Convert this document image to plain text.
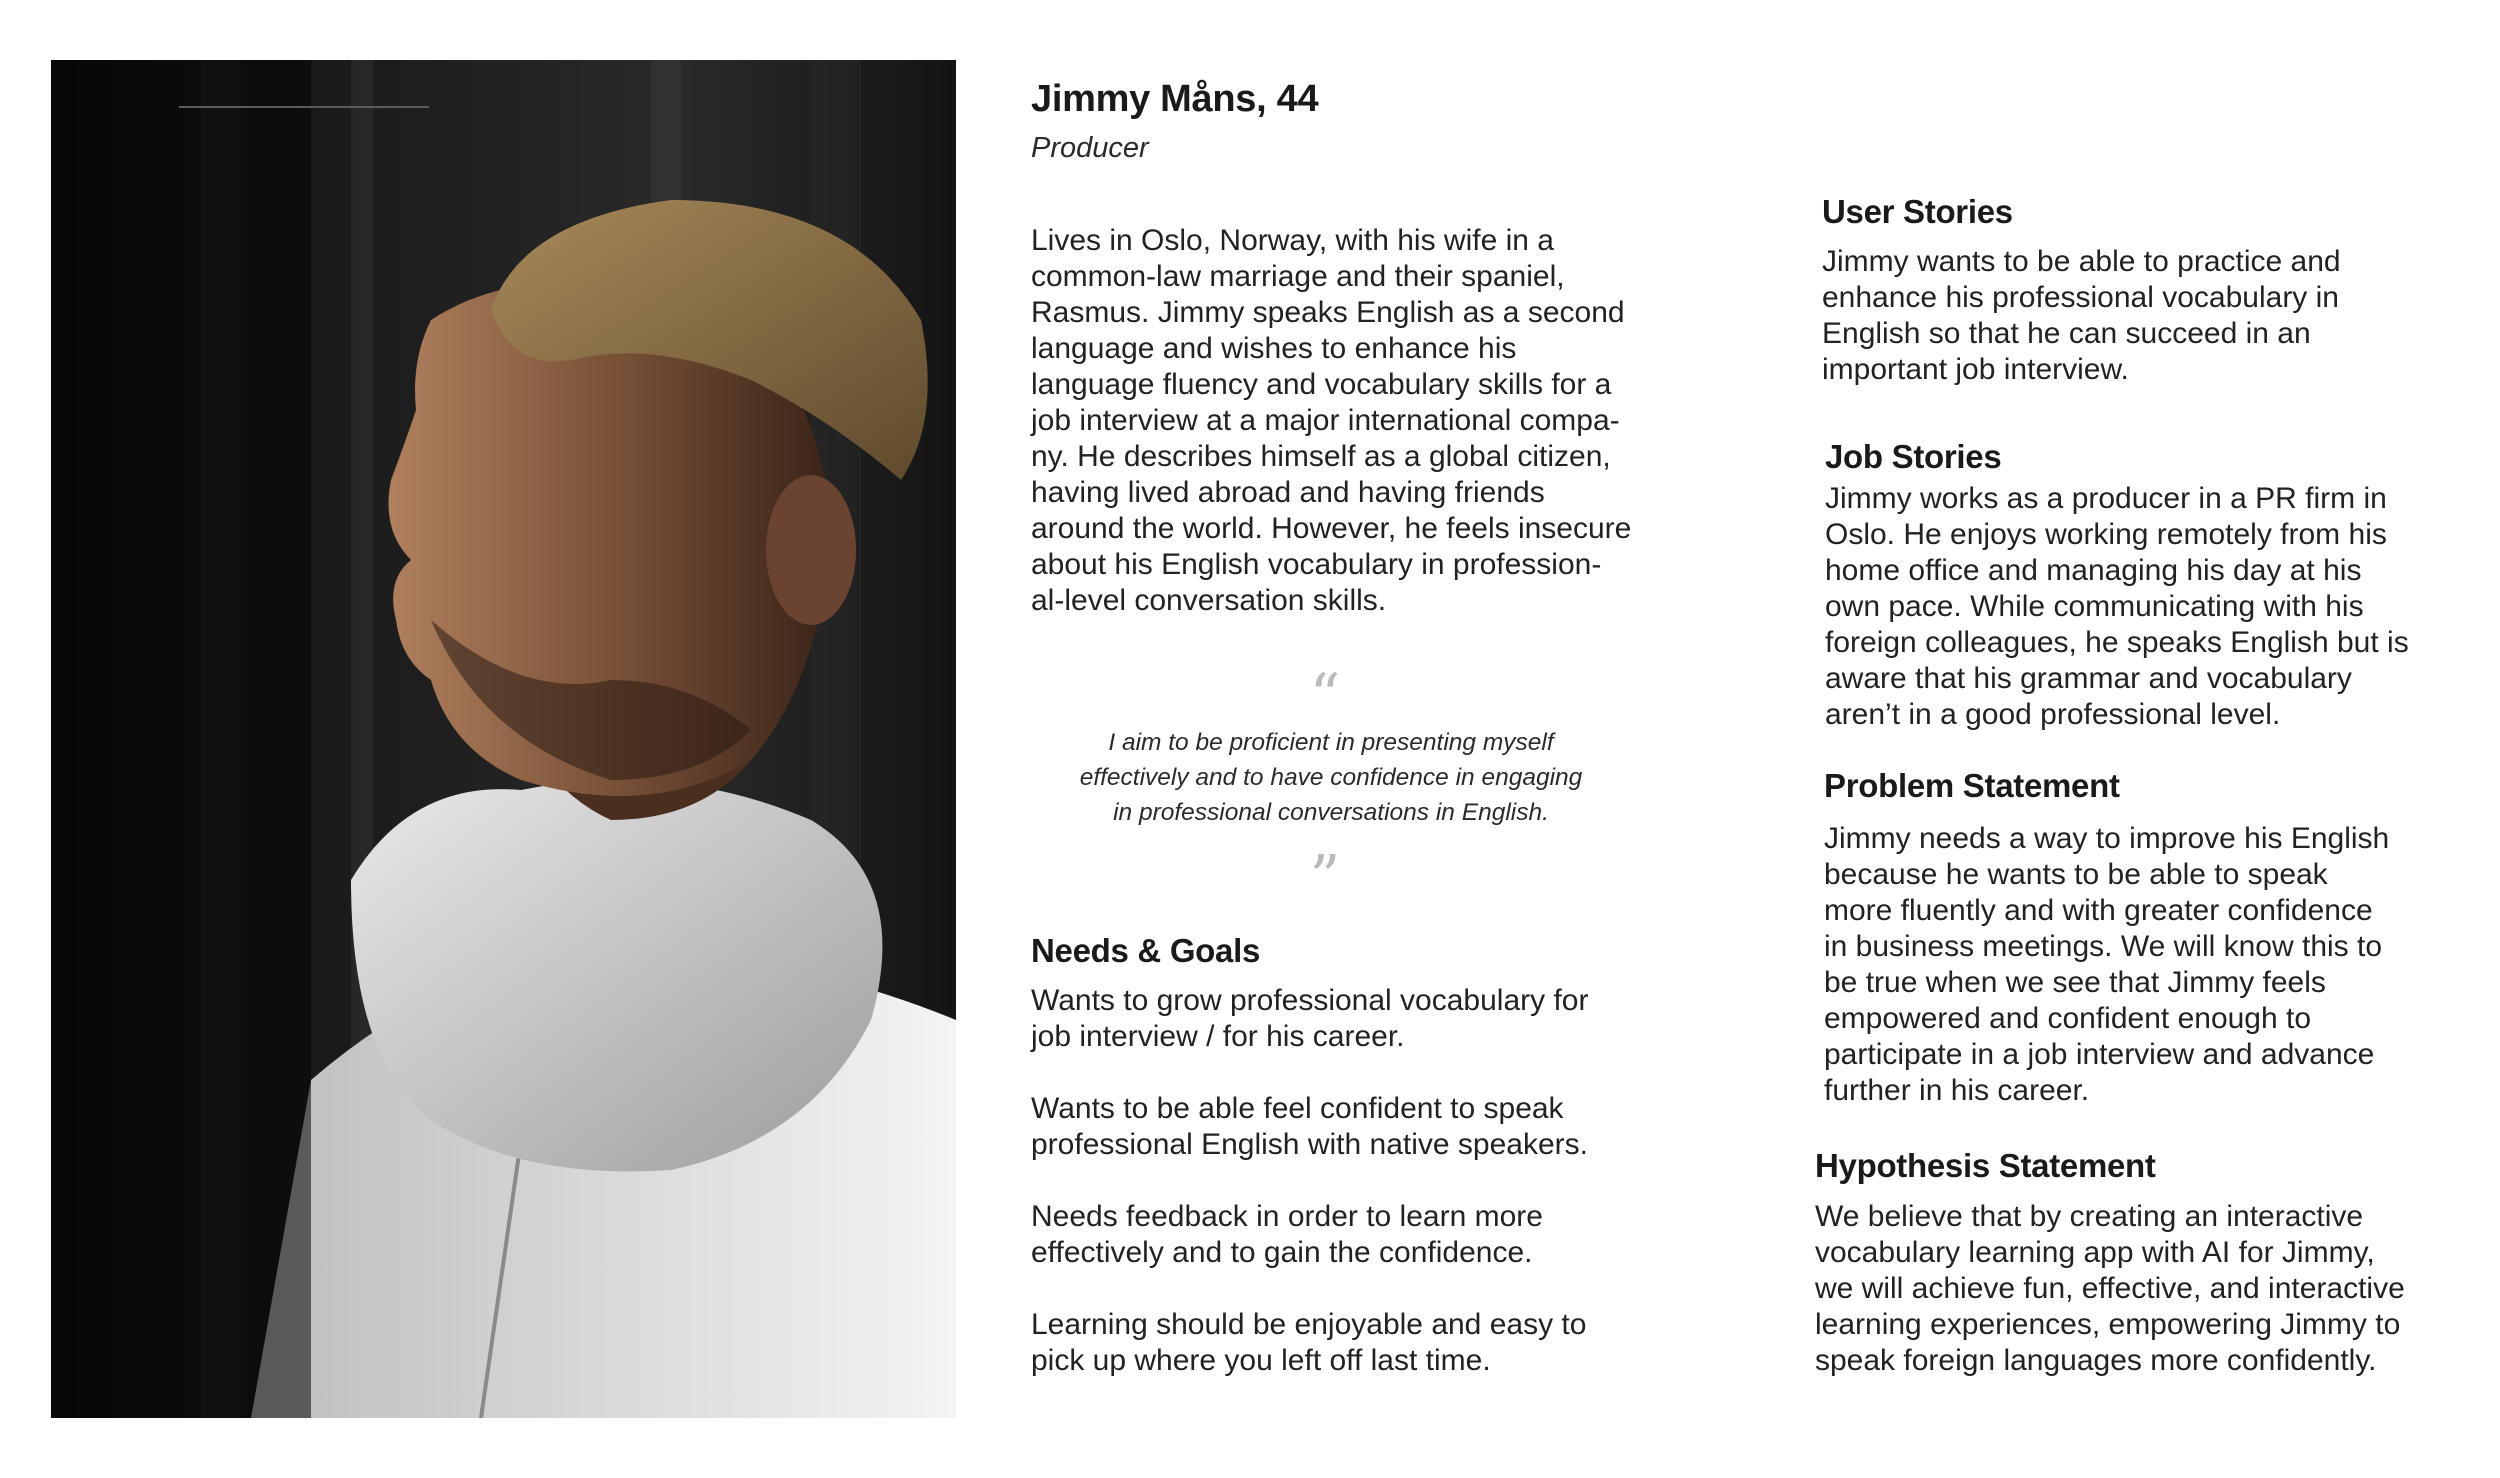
Jimmy Måns, 44
Producer
Lives in Oslo, Norway, with his wife in a
common-law marriage and their spaniel,
Rasmus. Jimmy speaks English as a second
language and wishes to enhance his
language fluency and vocabulary skills for a
job interview at a major international compa-
ny. He describes himself as a global citizen,
having lived abroad and having friends
around the world. However, he feels insecure
about his English vocabulary in profession-
al-level conversation skills.
“
I aim to be proficient in presenting myself
effectively and to have confidence in engaging
in professional conversations in English.
”
Needs & Goals
Wants to grow professional vocabulary for
job interview / for his career.
Wants to be able feel confident to speak
professional English with native speakers.
Needs feedback in order to learn more
effectively and to gain the confidence.
Learning should be enjoyable and easy to
pick up where you left off last time.
User Stories
Jimmy wants to be able to practice and
enhance his professional vocabulary in
English so that he can succeed in an
important job interview.
Job Stories
Jimmy works as a producer in a PR firm in
Oslo. He enjoys working remotely from his
home office and managing his day at his
own pace. While communicating with his
foreign colleagues, he speaks English but is
aware that his grammar and vocabulary
aren’t in a good professional level.
Problem Statement
Jimmy needs a way to improve his English
because he wants to be able to speak
more fluently and with greater confidence
in business meetings. We will know this to
be true when we see that Jimmy feels
empowered and confident enough to
participate in a job interview and advance
further in his career.
Hypothesis Statement
We believe that by creating an interactive
vocabulary learning app with AI for Jimmy,
we will achieve fun, effective, and interactive
learning experiences, empowering Jimmy to
speak foreign languages more confidently.
